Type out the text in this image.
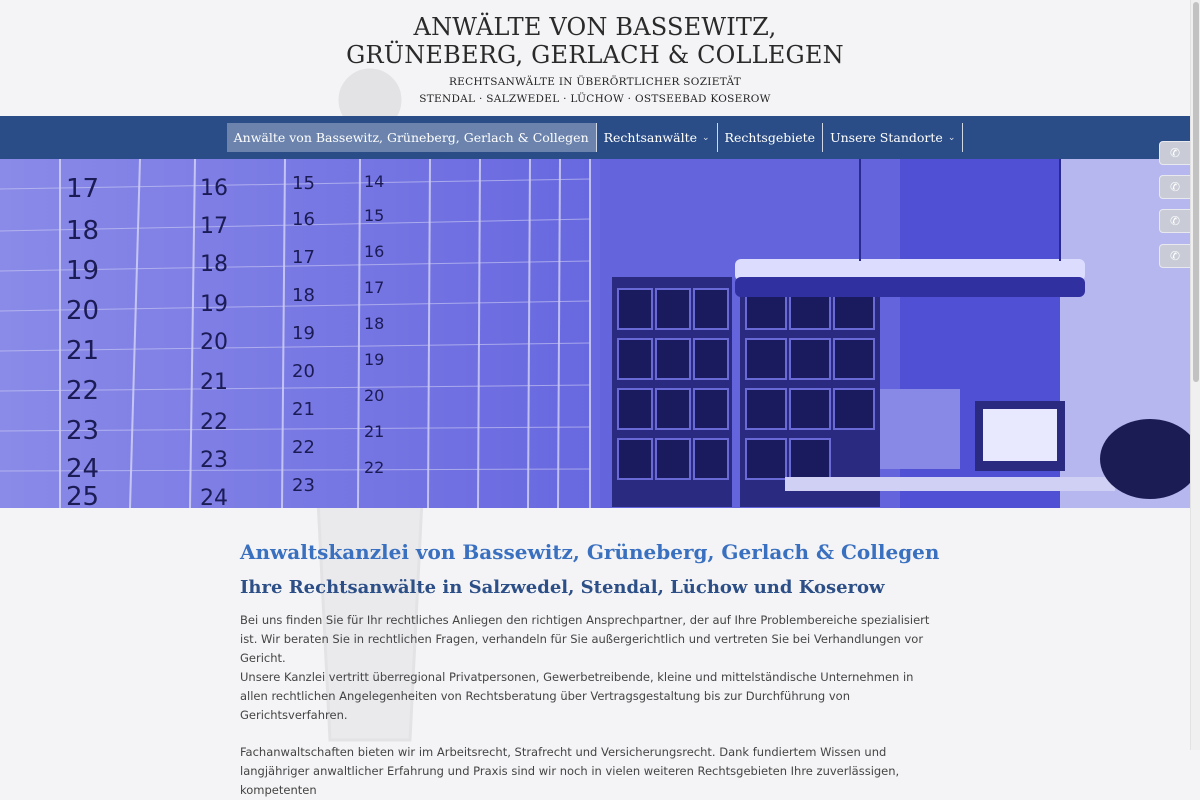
ANWÄLTE VON BASSEWITZ,
GRÜNEBERG, GERLACH & COLLEGEN
RECHTSANWÄLTE IN ÜBERÖRTLICHER SOZIETÄT
STENDAL · SALZWEDEL · LÜCHOW · OSTSEEBAD KOSEROW
Anwälte von Bassewitz, Grüneberg, Gerlach & Collegen Rechtsanwälte ⌄ Rechtsgebiete Unsere Standorte ⌄
17
18
19
20
21
22
23
24
25
16
17
18
19
20
21
22
23
24
15
16
17
18
19
20
21
22
23
14
15
16
17
18
19
20
21
22
✆
✆
✆
✆
Anwaltskanzlei von Bassewitz, Grüneberg, Gerlach & Collegen
Ihre Rechtsanwälte in Salzwedel, Stendal, Lüchow und Koserow

Bei uns finden Sie für Ihr rechtliches Anliegen den richtigen Ansprechpartner, der auf Ihre Problembereiche spezialisiert ist. Wir beraten Sie in rechtlichen Fragen, verhandeln für Sie außergerichtlich und vertreten Sie bei Verhandlungen vor Gericht.

Unsere Kanzlei vertritt überregional Privatpersonen, Gewerbetreibende, kleine und mittelständische Unternehmen in allen rechtlichen Angelegenheiten von Rechtsberatung über Vertragsgestaltung bis zur Durchführung von Gerichtsverfahren.

Fachanwaltschaften bieten wir im Arbeitsrecht, Strafrecht und Versicherungsrecht. Dank fundiertem Wissen und langjähriger anwaltlicher Erfahrung und Praxis sind wir noch in vielen weiteren Rechtsgebieten Ihre zuverlässigen, kompetenten
